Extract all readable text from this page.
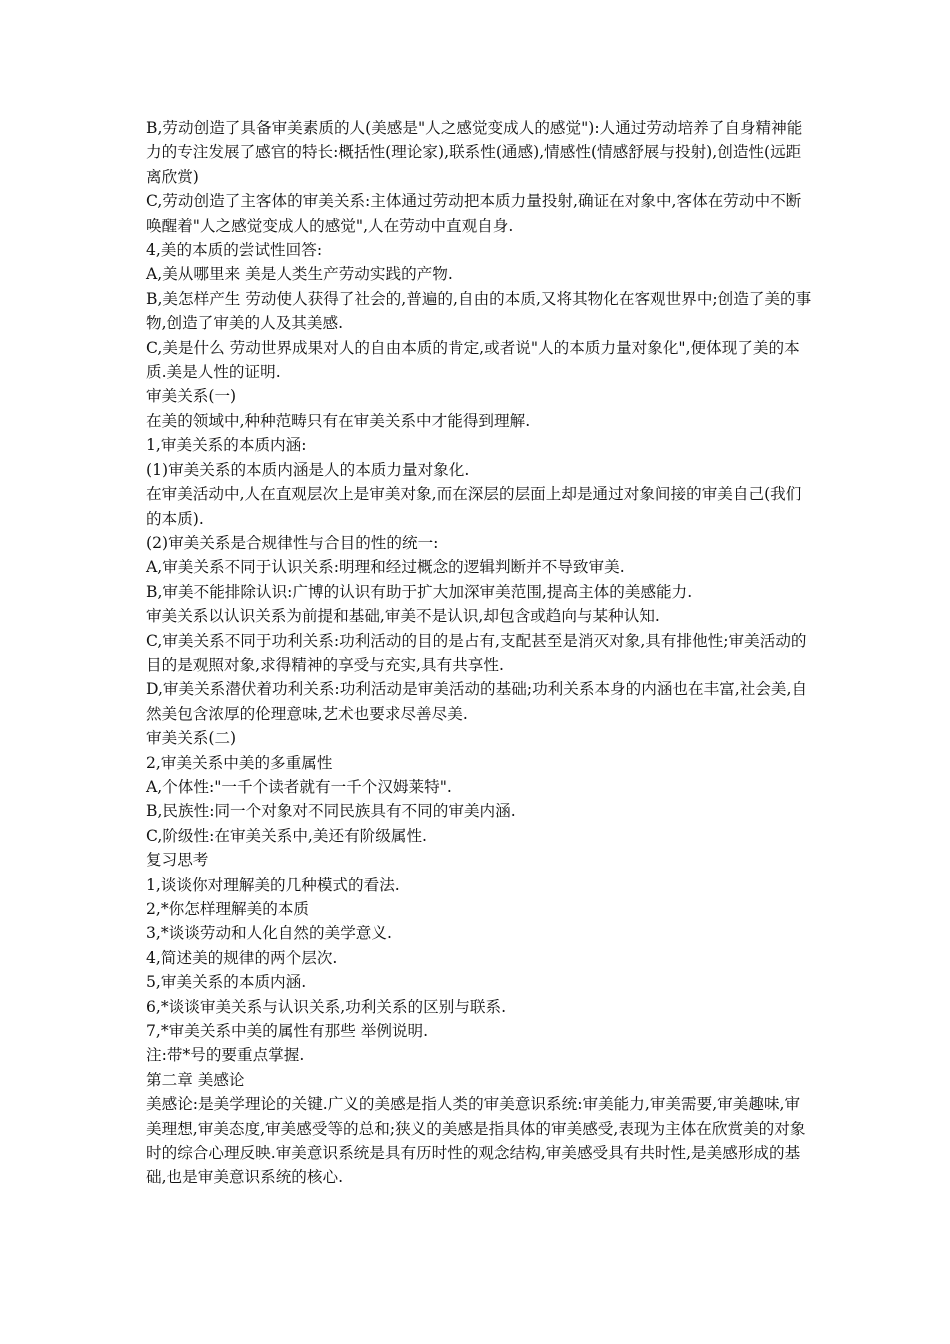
B,劳动创造了具备审美素质的人(美感是"人之感觉变成人的感觉"):人通过劳动培养了自身精神能力的专注发展了感官的特长:概括性(理论家),联系性(通感),情感性(情感舒展与投射),创造性(远距离欣赏)

C,劳动创造了主客体的审美关系:主体通过劳动把本质力量投射,确证在对象中,客体在劳动中不断唤醒着"人之感觉变成人的感觉",人在劳动中直观自身.

4,美的本质的尝试性回答:

A,美从哪里来 美是人类生产劳动实践的产物.

B,美怎样产生 劳动使人获得了社会的,普遍的,自由的本质,又将其物化在客观世界中;创造了美的事物,创造了审美的人及其美感.

C,美是什么 劳动世界成果对人的自由本质的肯定,或者说"人的本质力量对象化",便体现了美的本质.美是人性的证明.

审美关系(一)

在美的领域中,种种范畴只有在审美关系中才能得到理解.

1,审美关系的本质内涵:

(1)审美关系的本质内涵是人的本质力量对象化.

在审美活动中,人在直观层次上是审美对象,而在深层的层面上却是通过对象间接的审美自己(我们的本质).

(2)审美关系是合规律性与合目的性的统一:

A,审美关系不同于认识关系:明理和经过概念的逻辑判断并不导致审美.

B,审美不能排除认识:广博的认识有助于扩大加深审美范围,提高主体的美感能力.

审美关系以认识关系为前提和基础,审美不是认识,却包含或趋向与某种认知.

C,审美关系不同于功利关系:功利活动的目的是占有,支配甚至是消灭对象,具有排他性;审美活动的目的是观照对象,求得精神的享受与充实,具有共享性.

D,审美关系潜伏着功利关系:功利活动是审美活动的基础;功利关系本身的内涵也在丰富,社会美,自然美包含浓厚的伦理意味,艺术也要求尽善尽美.

审美关系(二)

2,审美关系中美的多重属性

A,个体性:"一千个读者就有一千个汉姆莱特".

B,民族性:同一个对象对不同民族具有不同的审美内涵.

C,阶级性:在审美关系中,美还有阶级属性.

复习思考

1,谈谈你对理解美的几种模式的看法.

2,*你怎样理解美的本质

3,*谈谈劳动和人化自然的美学意义.

4,简述美的规律的两个层次.

5,审美关系的本质内涵.

6,*谈谈审美关系与认识关系,功利关系的区别与联系.

7,*审美关系中美的属性有那些 举例说明.

注:带*号的要重点掌握.

第二章 美感论

美感论:是美学理论的关键.广义的美感是指人类的审美意识系统:审美能力,审美需要,审美趣味,审美理想,审美态度,审美感受等的总和;狭义的美感是指具体的审美感受,表现为主体在欣赏美的对象时的综合心理反映.审美意识系统是具有历时性的观念结构,审美感受具有共时性,是美感形成的基础,也是审美意识系统的核心.
